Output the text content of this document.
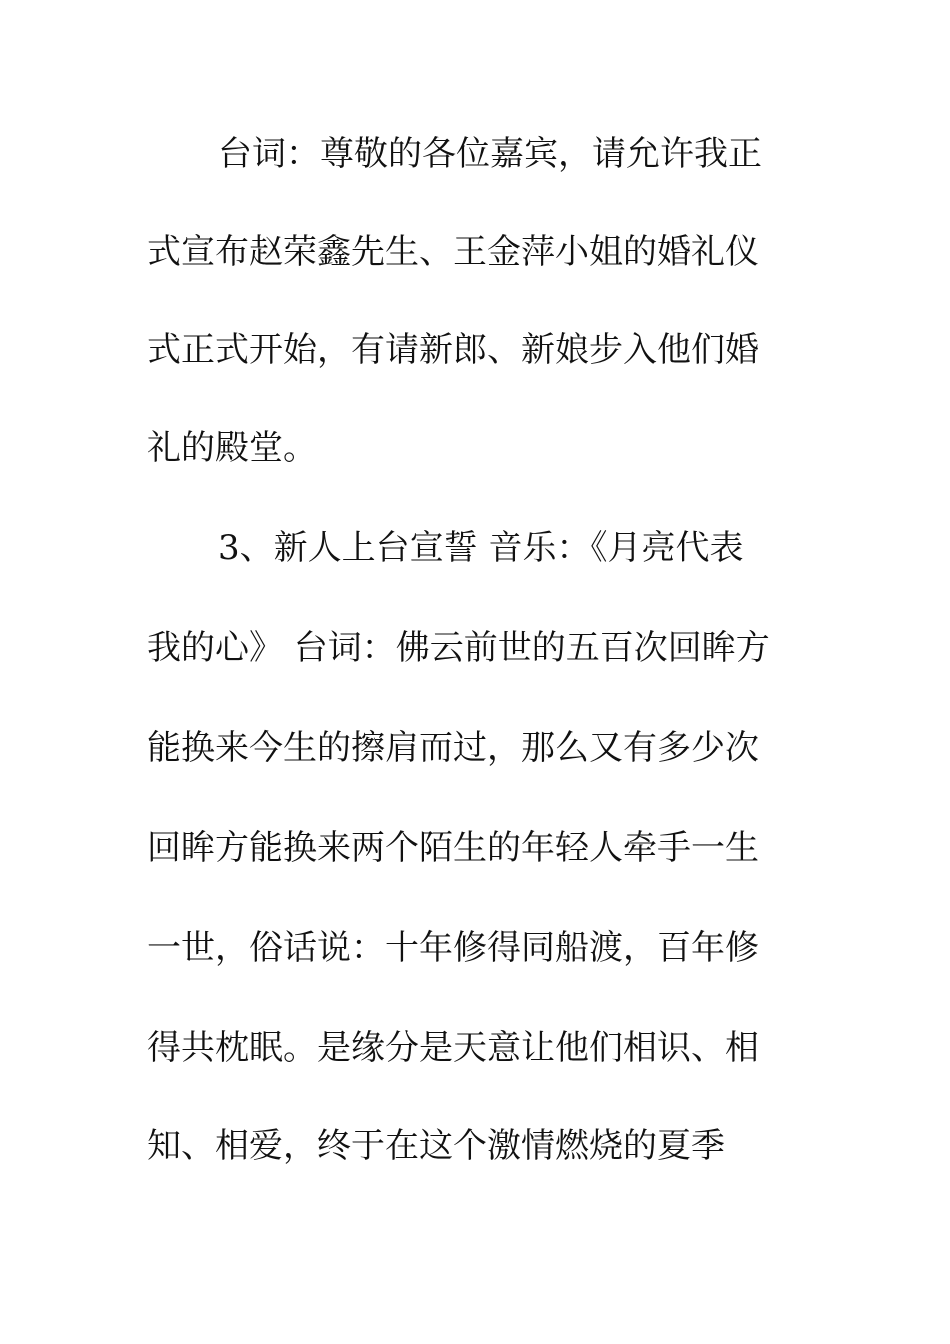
台词：尊敬的各位嘉宾，请允许我正
式宣布赵荣鑫先生、王金萍小姐的婚礼仪
式正式开始，有请新郎、新娘步入他们婚
礼的殿堂。
3、新人上台宣誓 音乐：《月亮代表
我的心》 台词：佛云前世的五百次回眸方
能换来今生的擦肩而过，那么又有多少次
回眸方能换来两个陌生的年轻人牵手一生
一世，俗话说：十年修得同船渡，百年修
得共枕眠。是缘分是天意让他们相识、相
知、相爱，终于在这个激情燃烧的夏季
